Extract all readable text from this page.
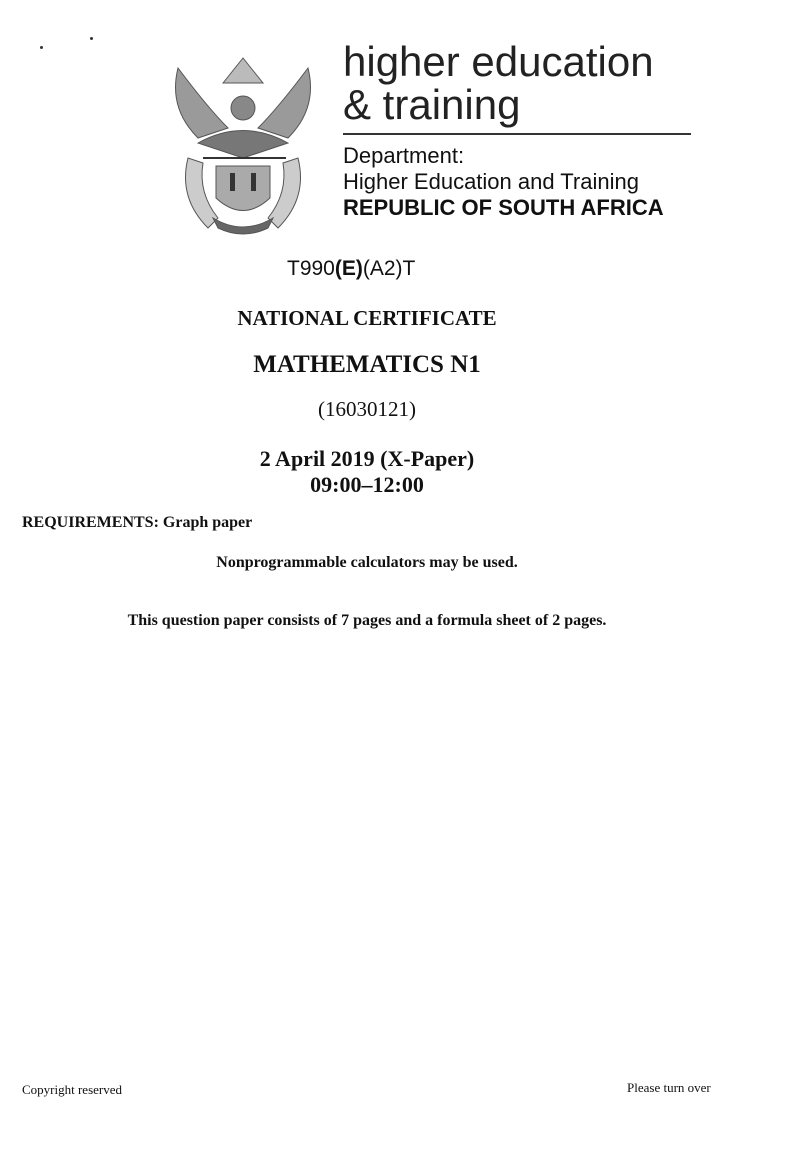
higher education
& training
Department:
Higher Education and Training
REPUBLIC OF SOUTH AFRICA
T990(E)(A2)T
NATIONAL CERTIFICATE
MATHEMATICS N1
(16030121)
2 April 2019 (X-Paper)
09:00–12:00
REQUIREMENTS: Graph paper
Nonprogrammable calculators may be used.
This question paper consists of 7 pages and a formula sheet of 2 pages.
Copyright reserved	Please turn over
